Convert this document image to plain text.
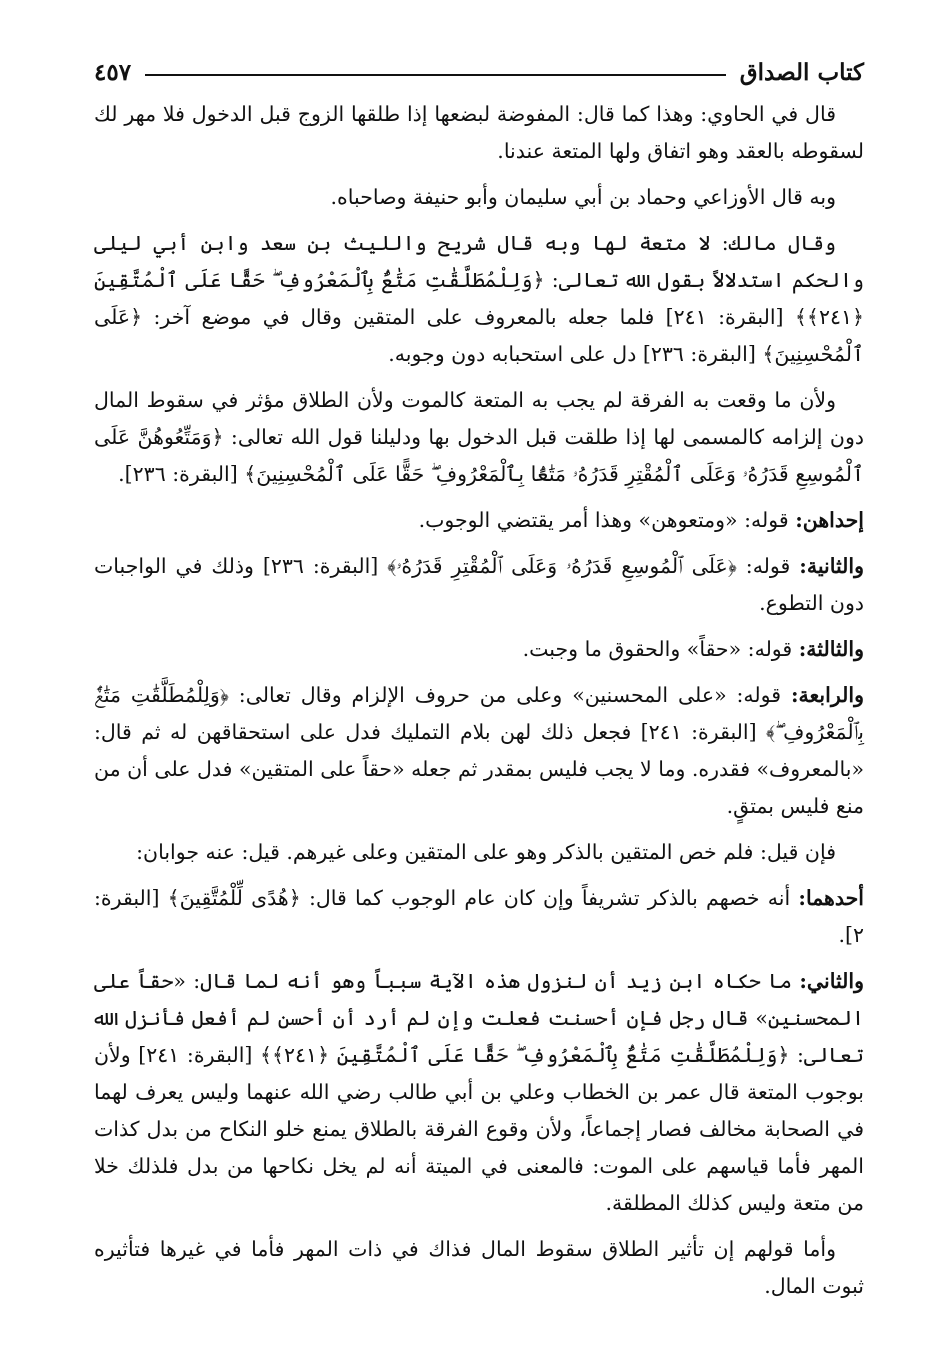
كتاب الصداق
٤٥٧

قال في الحاوي: وهذا كما قال: المفوضة لبضعها إذا طلقها الزوج قبل الدخول فلا مهر لك لسقوطه بالعقد وهو اتفاق ولها المتعة عندنا.

وبه قال الأوزاعي وحماد بن أبي سليمان وأبو حنيفة وصاحباه.

وقال مالك: لا متعة لها وبه قال شريح والليث بن سعد وابن أبي ليلى والحكم استدلالاً بقول الله تعالى: ﴿وَلِلْمُطَلَّقَٰتِ مَتَٰعٌۢ بِٱلْمَعْرُوفِ ۖ حَقًّا عَلَى ٱلْمُتَّقِينَ ﴿٢٤١﴾﴾ [البقرة: ٢٤١] فلما جعله بالمعروف على المتقين وقال في موضع آخر: ﴿عَلَى ٱلْمُحْسِنِينَ﴾ [البقرة: ٢٣٦] دل على استحبابه دون وجوبه.

ولأن ما وقعت به الفرقة لم يجب به المتعة كالموت ولأن الطلاق مؤثر في سقوط المال دون إلزامه كالمسمى لها إذا طلقت قبل الدخول بها ودليلنا قول الله تعالى: ﴿وَمَتِّعُوهُنَّ عَلَى ٱلْمُوسِعِ قَدَرُهُۥ وَعَلَى ٱلْمُقْتِرِ قَدَرُهُۥ مَتَٰعًۢا بِٱلْمَعْرُوفِ ۖ حَقًّا عَلَى ٱلْمُحْسِنِينَ﴾ [البقرة: ٢٣٦].

إحداهن: قوله: «ومتعوهن» وهذا أمر يقتضي الوجوب.

والثانية: قوله: ﴿عَلَى ٱلْمُوسِعِ قَدَرُهُۥ وَعَلَى ٱلْمُقْتِرِ قَدَرُهُۥ﴾ [البقرة: ٢٣٦] وذلك في الواجبات دون التطوع.

والثالثة: قوله: «حقاً» والحقوق ما وجبت.

والرابعة: قوله: «على المحسنين» وعلى من حروف الإلزام وقال تعالى: ﴿وَلِلْمُطَلَّقَٰتِ مَتَٰعٌۢ بِٱلْمَعْرُوفِ ۖ﴾ [البقرة: ٢٤١] فجعل ذلك لهن بلام التمليك فدل على استحقاقهن له ثم قال: «بالمعروف» فقدره. وما لا يجب فليس بمقدر ثم جعله «حقاً على المتقين» فدل على أن من منع فليس بمتقٍ.

فإن قيل: فلم خص المتقين بالذكر وهو على المتقين وعلى غيرهم. قيل: عنه جوابان:

أحدهما: أنه خصهم بالذكر تشريفاً وإن كان عام الوجوب كما قال: ﴿هُدًى لِّلْمُتَّقِينَ﴾ [البقرة: ٢].

والثاني: ما حكاه ابن زيد أن لنزول هذه الآية سبباً وهو أنه لما قال: «حقاً على المحسنين» قال رجل فإن أحسنت فعلت وإن لم أرد أن أحسن لم أفعل فأنزل الله تعالى: ﴿وَلِلْمُطَلَّقَٰتِ مَتَٰعٌۢ بِٱلْمَعْرُوفِ ۖ حَقًّا عَلَى ٱلْمُتَّقِينَ ﴿٢٤١﴾﴾ [البقرة: ٢٤١] ولأن بوجوب المتعة قال عمر بن الخطاب وعلي بن أبي طالب رضي الله عنهما وليس يعرف لهما في الصحابة مخالف فصار إجماعاً، ولأن وقوع الفرقة بالطلاق يمنع خلو النكاح من بدل كذات المهر فأما قياسهم على الموت: فالمعنى في الميتة أنه لم يخل نكاحها من بدل فلذلك خلا من متعة وليس كذلك المطلقة.

وأما قولهم إن تأثير الطلاق سقوط المال فذاك في ذات المهر فأما في غيرها فتأثيره ثبوت المال.
